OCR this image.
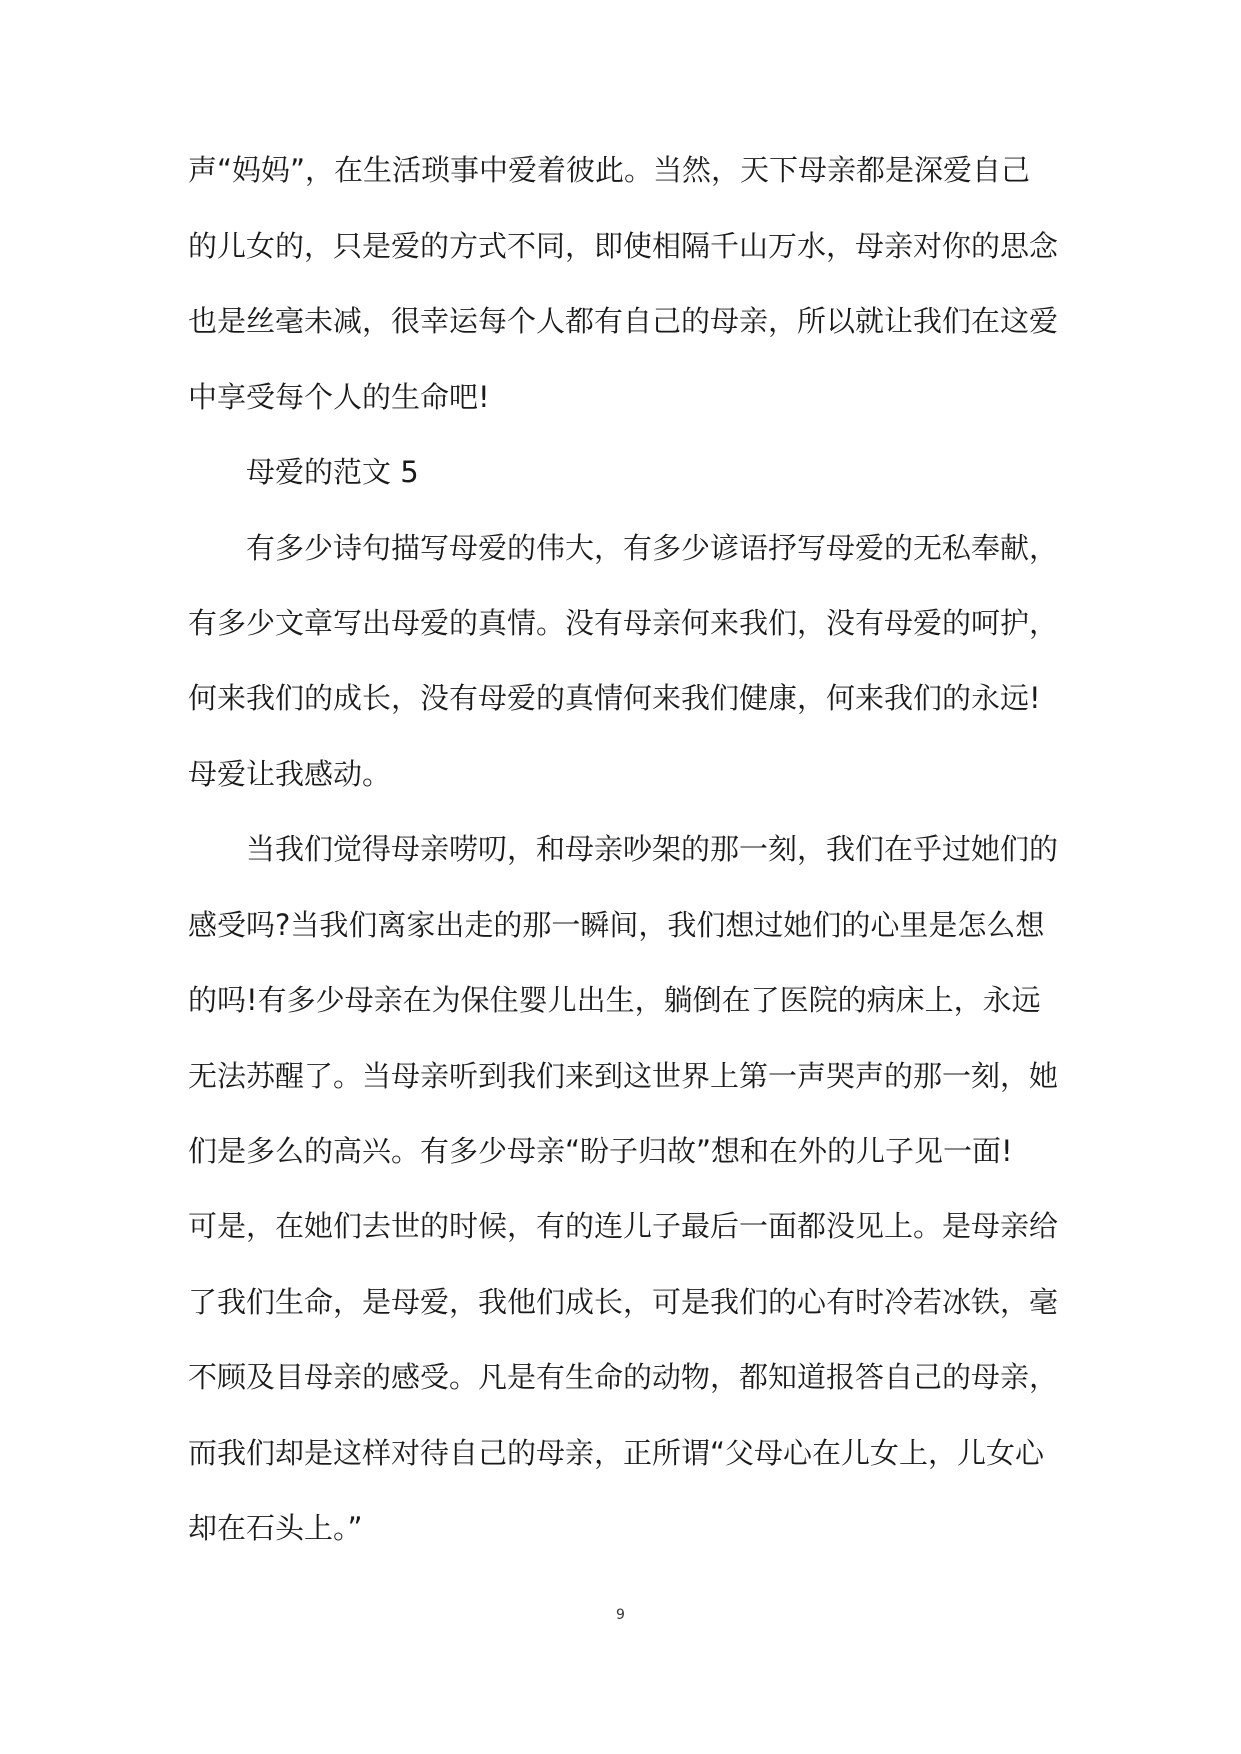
声“妈妈”，在生活琐事中爱着彼此。当然，天下母亲都是深爱自己
的儿女的，只是爱的方式不同，即使相隔千山万水，母亲对你的思念
也是丝毫未减，很幸运每个人都有自己的母亲，所以就让我们在这爱
中享受每个人的生命吧!
母爱的范文 5
有多少诗句描写母爱的伟大，有多少谚语抒写母爱的无私奉献，
有多少文章写出母爱的真情。没有母亲何来我们，没有母爱的呵护，
何来我们的成长，没有母爱的真情何来我们健康，何来我们的永远!
母爱让我感动。
当我们觉得母亲唠叨，和母亲吵架的那一刻，我们在乎过她们的
感受吗?当我们离家出走的那一瞬间，我们想过她们的心里是怎么想
的吗!有多少母亲在为保住婴儿出生，躺倒在了医院的病床上，永远
无法苏醒了。当母亲听到我们来到这世界上第一声哭声的那一刻，她
们是多么的高兴。有多少母亲“盼子归故”想和在外的儿子见一面!
可是，在她们去世的时候，有的连儿子最后一面都没见上。是母亲给
了我们生命，是母爱，我他们成长，可是我们的心有时冷若冰铁，毫
不顾及目母亲的感受。凡是有生命的动物，都知道报答自己的母亲，
而我们却是这样对待自己的母亲，正所谓“父母心在儿女上，儿女心
却在石头上。”
9
